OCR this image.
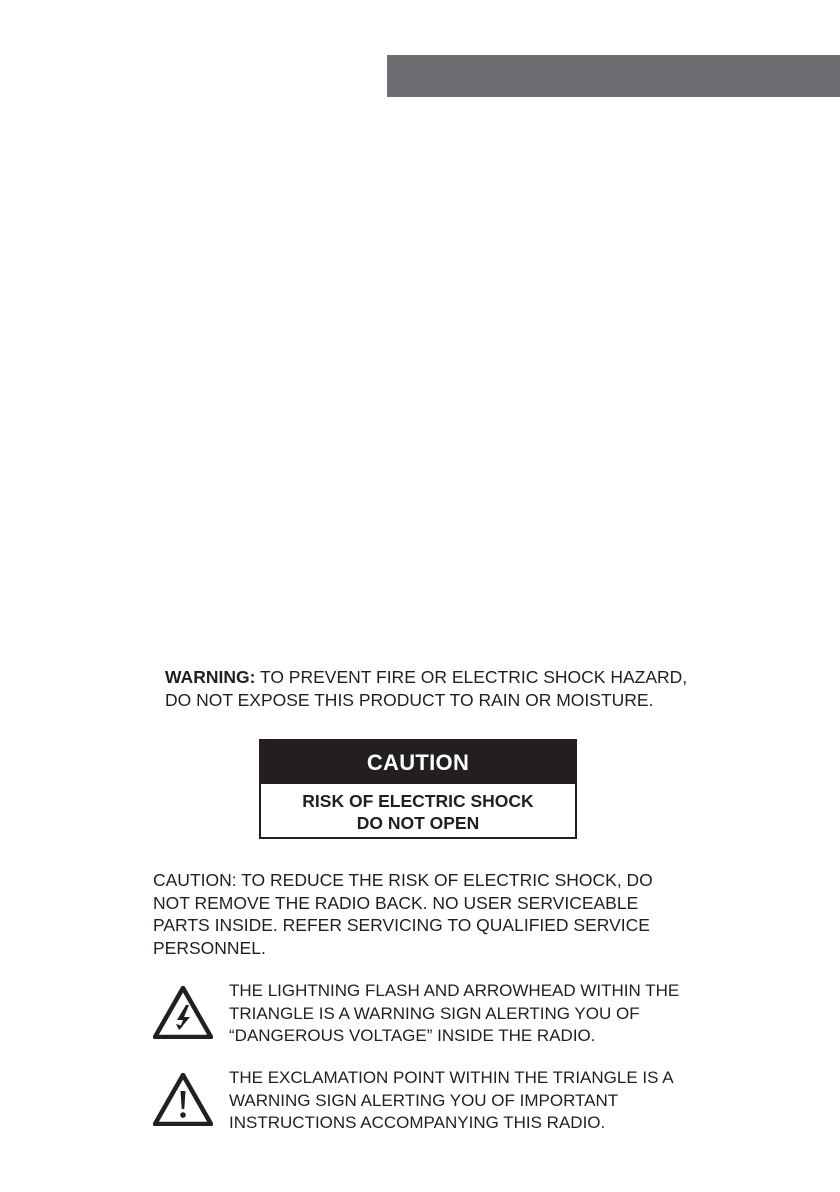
WARNING: TO PREVENT FIRE OR ELECTRIC SHOCK HAZARD,
DO NOT EXPOSE THIS PRODUCT TO RAIN OR MOISTURE.
CAUTION
RISK OF ELECTRIC SHOCK
DO NOT OPEN
CAUTION: TO REDUCE THE RISK OF ELECTRIC SHOCK, DO
NOT REMOVE THE RADIO BACK. NO USER SERVICEABLE
PARTS INSIDE. REFER SERVICING TO QUALIFIED SERVICE
PERSONNEL.
THE LIGHTNING FLASH AND ARROWHEAD WITHIN THE
TRIANGLE IS A WARNING SIGN ALERTING YOU OF
“DANGEROUS VOLTAGE” INSIDE THE RADIO.
THE EXCLAMATION POINT WITHIN THE TRIANGLE IS A
WARNING SIGN ALERTING YOU OF IMPORTANT
INSTRUCTIONS ACCOMPANYING THIS RADIO.
